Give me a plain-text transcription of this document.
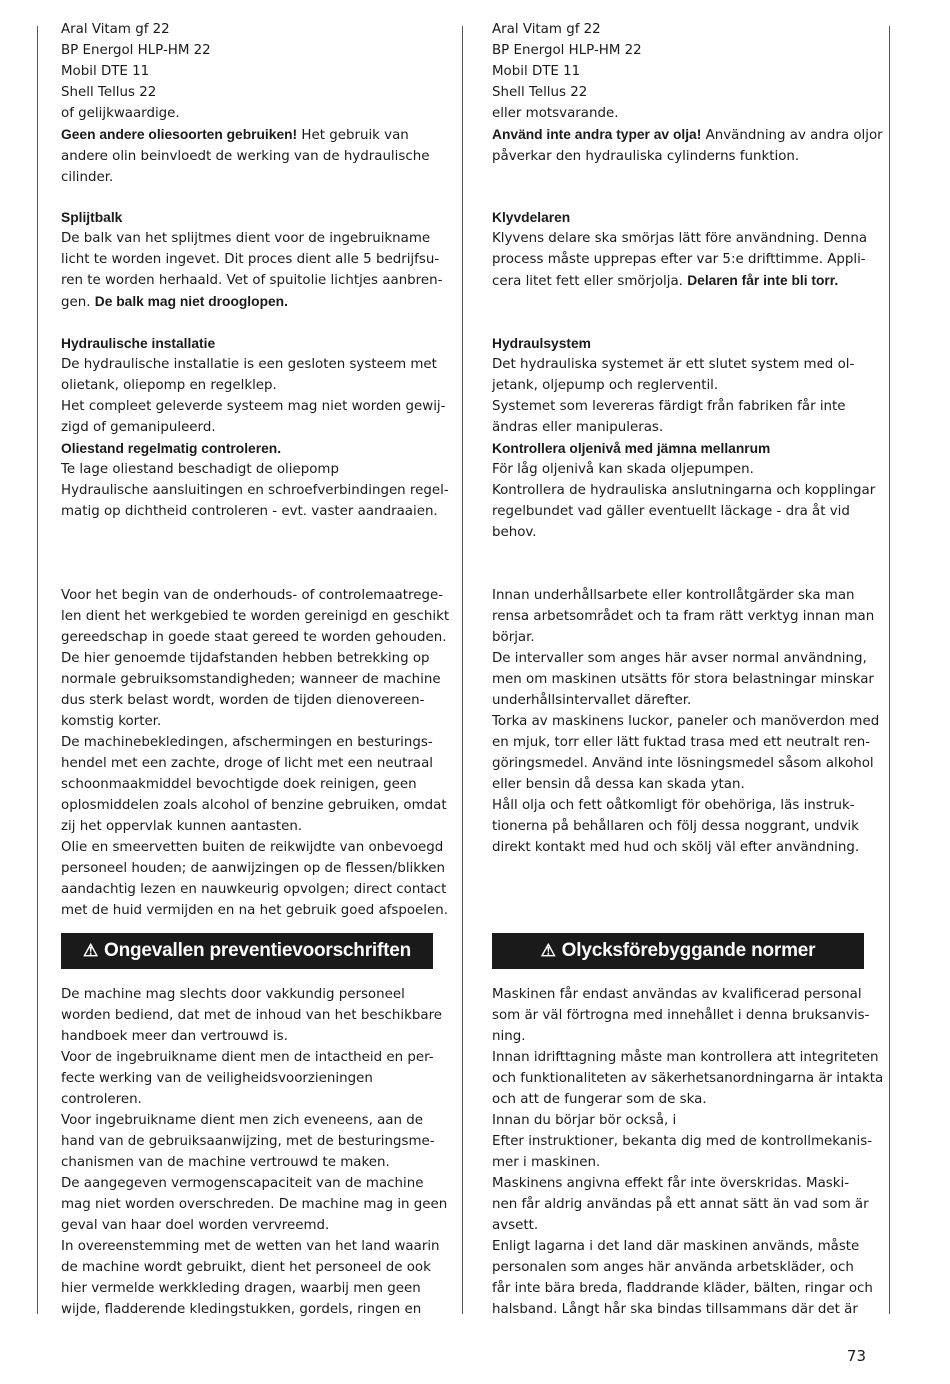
Aral Vitam gf 22
BP Energol HLP-HM 22
Mobil DTE 11
Shell Tellus 22
of gelijkwaardige.
Geen andere oliesoorten gebruiken! Het gebruik van
andere olin beinvloedt de werking van de hydraulische
cilinder.
Splijtbalk
De balk van het splijtmes dient voor de ingebruikname
licht te worden ingevet. Dit proces dient alle 5 bedrijfsu-
ren te worden herhaald. Vet of spuitolie lichtjes aanbren-
gen. De balk mag niet drooglopen.
Hydraulische installatie
De hydraulische installatie is een gesloten systeem met
olietank, oliepomp en regelklep.
Het compleet geleverde systeem mag niet worden gewij-
zigd of gemanipuleerd.
Oliestand regelmatig controleren.
Te lage oliestand beschadigt de oliepomp
Hydraulische aansluitingen en schroefverbindingen regel-
matig op dichtheid controleren - evt. vaster aandraaien.
Aral Vitam gf 22
BP Energol HLP-HM 22
Mobil DTE 11
Shell Tellus 22
eller motsvarande.
Använd inte andra typer av olja! Användning av andra oljor
påverkar den hydrauliska cylinderns funktion.
Klyvdelaren
Klyvens delare ska smörjas lätt före användning. Denna
process måste upprepas efter var 5:e drifttimme. Appli-
cera litet fett eller smörjolja. Delaren får inte bli torr.
Hydraulsystem
Det hydrauliska systemet är ett slutet system med ol-
jetank, oljepump och reglerventil.
Systemet som levereras färdigt från fabriken får inte
ändras eller manipuleras.
Kontrollera oljenivå med jämna mellanrum
För låg oljenivå kan skada oljepumpen.
Kontrollera de hydrauliska anslutningarna och kopplingar
regelbundet vad gäller eventuellt läckage - dra åt vid
behov.
Voor het begin van de onderhouds- of controlemaatrege-
len dient het werkgebied te worden gereinigd en geschikt
gereedschap in goede staat gereed te worden gehouden.
De hier genoemde tijdafstanden hebben betrekking op
normale gebruiksomstandigheden; wanneer de machine
dus sterk belast wordt, worden de tijden dienovereen-
komstig korter.
De machinebekledingen, afschermingen en besturings-
hendel met een zachte, droge of licht met een neutraal
schoonmaakmiddel bevochtigde doek reinigen, geen
oplosmiddelen zoals alcohol of benzine gebruiken, omdat
zij het oppervlak kunnen aantasten.
Olie en smeervetten buiten de reikwijdte van onbevoegd
personeel houden; de aanwijzingen op de flessen/blikken
aandachtig lezen en nauwkeurig opvolgen; direct contact
met de huid vermijden en na het gebruik goed afspoelen.
Innan underhållsarbete eller kontrollåtgärder ska man
rensa arbetsområdet och ta fram rätt verktyg innan man
börjar.
De intervaller som anges här avser normal användning,
men om maskinen utsätts för stora belastningar minskar
underhållsintervallet därefter.
Torka av maskinens luckor, paneler och manöverdon med
en mjuk, torr eller lätt fuktad trasa med ett neutralt ren-
göringsmedel. Använd inte lösningsmedel såsom alkohol
eller bensin då dessa kan skada ytan.
Håll olja och fett oåtkomligt för obehöriga, läs instruk-
tionerna på behållaren och följ dessa noggrant, undvik
direkt kontakt med hud och skölj väl efter användning.
⚠ Ongevallen preventievoorschriften	⚠ Olycksförebyggande normer
De machine mag slechts door vakkundig personeel
worden bediend, dat met de inhoud van het beschikbare
handboek meer dan vertrouwd is.
Voor de ingebruikname dient men de intactheid en per-
fecte werking van de veiligheidsvoorzieningen
controleren.
Voor ingebruikname dient men zich eveneens, aan de
hand van de gebruiksaanwijzing, met de besturingsme-
chanismen van de machine vertrouwd te maken.
De aangegeven vermogenscapaciteit van de machine
mag niet worden overschreden. De machine mag in geen
geval van haar doel worden vervreemd.
In overeenstemming met de wetten van het land waarin
de machine wordt gebruikt, dient het personeel de ook
hier vermelde werkkleding dragen, waarbij men geen
wijde, fladderende kledingstukken, gordels, ringen en
Maskinen får endast användas av kvalificerad personal
som är väl förtrogna med innehållet i denna bruksanvis-
ning.
Innan idrifttagning måste man kontrollera att integriteten
och funktionaliteten av säkerhetsanordningarna är intakta
och att de fungerar som de ska.
Innan du börjar bör också, i
Efter instruktioner, bekanta dig med de kontrollmekanis-
mer i maskinen.
Maskinens angivna effekt får inte överskridas. Maski-
nen får aldrig användas på ett annat sätt än vad som är
avsett.
Enligt lagarna i det land där maskinen används, måste
personalen som anges här använda arbetskläder, och
får inte bära breda, fladdrande kläder, bälten, ringar och
halsband. Långt hår ska bindas tillsammans där det är
73
